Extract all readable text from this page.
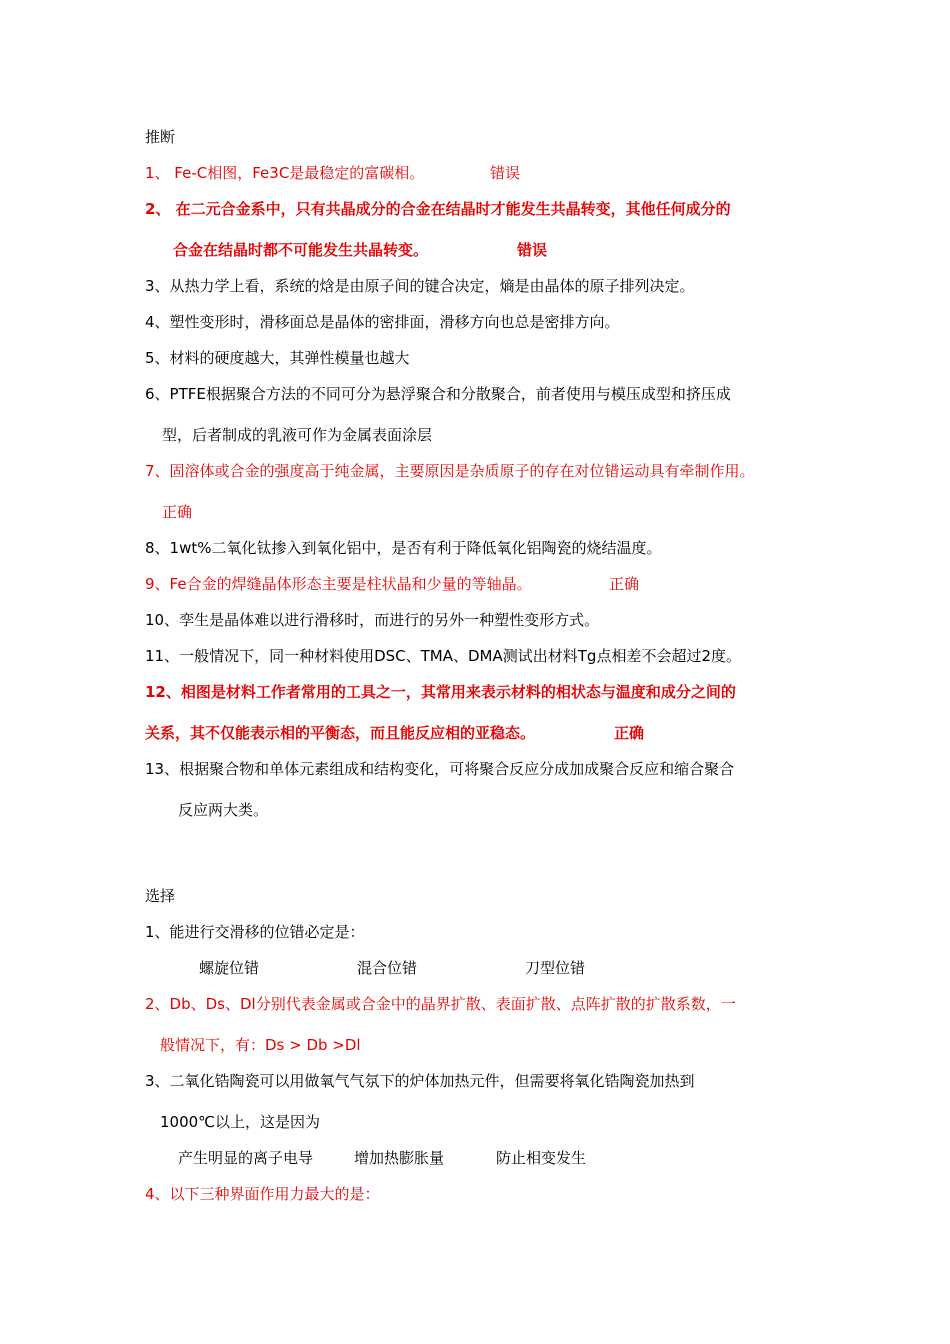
推断

1、 Fe-C相图，Fe3C是最稳定的富碳相。	错误

2、 在二元合金系中，只有共晶成分的合金在结晶时才能发生共晶转变，其他任何成分的

合金在结晶时都不可能发生共晶转变。	错误

3、从热力学上看，系统的焓是由原子间的键合决定，熵是由晶体的原子排列决定。

4、塑性变形时，滑移面总是晶体的密排面，滑移方向也总是密排方向。

5、材料的硬度越大，其弹性模量也越大

6、PTFE根据聚合方法的不同可分为悬浮聚合和分散聚合，前者使用与模压成型和挤压成

型，后者制成的乳液可作为金属表面涂层

7、固溶体或合金的强度高于纯金属，主要原因是杂质原子的存在对位错运动具有牵制作用。

正确

8、1wt%二氧化钛掺入到氧化铝中，是否有利于降低氧化铝陶瓷的烧结温度。

9、Fe合金的焊缝晶体形态主要是柱状晶和少量的等轴晶。	正确

10、孪生是晶体难以进行滑移时，而进行的另外一种塑性变形方式。

11、一般情况下，同一种材料使用DSC、TMA、DMA测试出材料Tg点相差不会超过2度。

12、相图是材料工作者常用的工具之一，其常用来表示材料的相状态与温度和成分之间的

关系，其不仅能表示相的平衡态，而且能反应相的亚稳态。	正确

13、根据聚合物和单体元素组成和结构变化，可将聚合反应分成加成聚合反应和缩合聚合

反应两大类。

选择

1、能进行交滑移的位错必定是：

螺旋位错	混合位错	刀型位错

2、Db、Ds、Dl分别代表金属或合金中的晶界扩散、表面扩散、点阵扩散的扩散系数，一

般情况下，有：Ds > Db >Dl

3、二氧化锆陶瓷可以用做氧气气氛下的炉体加热元件，但需要将氧化锆陶瓷加热到

1000℃以上，这是因为

产生明显的离子电导	增加热膨胀量	防止相变发生

4、以下三种界面作用力最大的是：
